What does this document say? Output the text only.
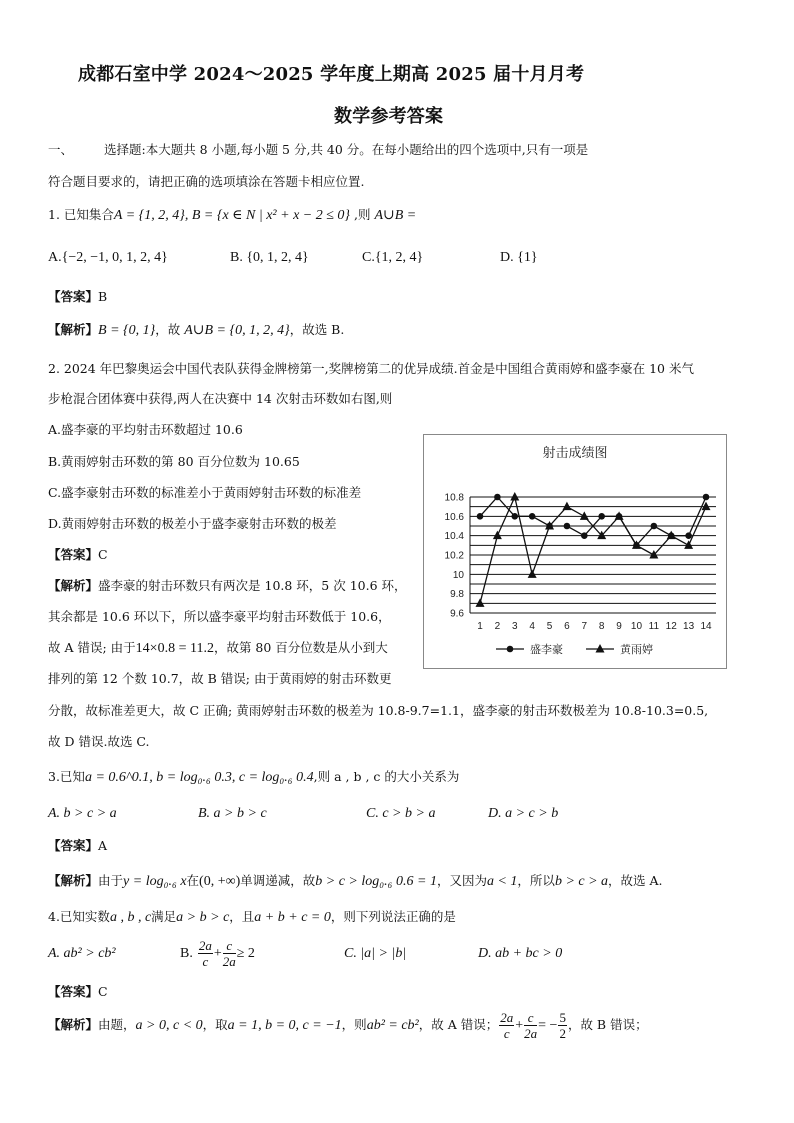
成都石室中学 2024～2025 学年度上期高 2025 届十月月考
数学参考答案
一、 选择题:本大题共 8 小题,每小题 5 分,共 40 分。在每小题给出的四个选项中,只有一项是
符合题目要求的，请把正确的选项填涂在答题卡相应位置.
1. 已知集合A = {1, 2, 4}, B = {x ∈ N | x² + x − 2 ≤ 0} ,则 A∪B =
A.{−2, −1, 0, 1, 2, 4}	B. {0, 1, 2, 4}	C.{1, 2, 4}	D. {1}
【答案】B
【解析】B = {0, 1}，故 A∪B = {0, 1, 2, 4}，故选 B.
2. 2024 年巴黎奥运会中国代表队获得金牌榜第一,奖牌榜第二的优异成绩.首金是中国组合黄雨婷和盛李豪在 10 米气
步枪混合团体赛中获得,两人在决赛中 14 次射击环数如右图,则
A.盛李豪的平均射击环数超过 10.6
B.黄雨婷射击环数的第 80 百分位数为 10.65
C.盛李豪射击环数的标准差小于黄雨婷射击环数的标准差
D.黄雨婷射击环数的极差小于盛李豪射击环数的极差
【答案】C
【解析】盛李豪的射击环数只有两次是 10.8 环，5 次 10.6 环，
其余都是 10.6 环以下，所以盛李豪平均射击环数低于 10.6，
故 A 错误; 由于14×0.8 = 11.2，故第 80 百分位数是从小到大
排列的第 12 个数 10.7，故 B 错误; 由于黄雨婷的射击环数更
分散，故标准差更大，故 C 正确; 黄雨婷射击环数的极差为 10.8-9.7=1.1，盛李豪的射击环数极差为 10.8-10.3=0.5,
故 D 错误.故选 C.
射击成绩图
9.6
9.8
10
10.2
10.4
10.6
10.8
1 2 3 4 5 6 7 8 9 10 11 12 13 14
盛李豪	黄雨婷
3.已知a = 0.6^0.1, b = log₀.₆ 0.3, c = log₀.₆ 0.4,则 a , b , c 的大小关系为
A. b > c > a	B. a > b > c	C. c > b > a	D. a > c > b
【答案】A
【解析】由于y = log₀.₆ x在(0, +∞)单调递减，故b > c > log₀.₆ 0.6 = 1，又因为a < 1，所以b > c > a，故选 A.
4.已知实数a , b , c满足a > b > c，且a + b + c = 0，则下列说法正确的是
A. ab² > cb²	B. $\frac{2a}{c} + \frac{c}{2a} \ge 2$	C. |a| > |b|	D. ab + bc > 0
【答案】C
【解析】由题，a > 0, c < 0，取a = 1, b = 0, c = −1，则ab² = cb²，故 A 错误； $\frac{2a}{c} + \frac{c}{2a}$ = − $\frac{5}{2}$ ，故 B 错误；
